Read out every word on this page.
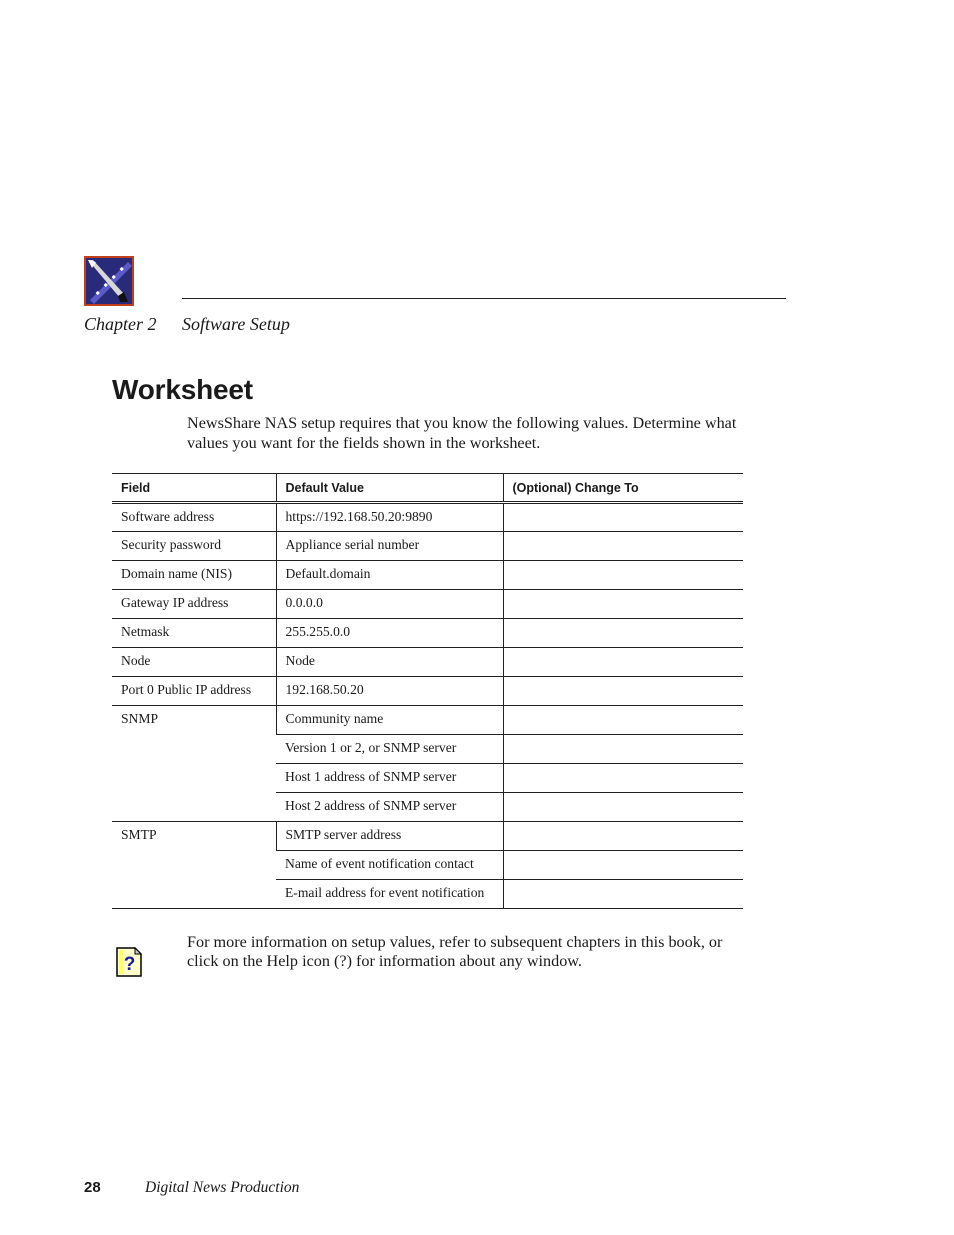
Chapter 2 Software Setup
Worksheet

NewsShare NAS setup requires that you know the following values. Determine what values you want for the fields shown in the worksheet.

Field	Default Value	(Optional) Change To
Software address	https://192.168.50.20:9890	
Security password	Appliance serial number	
Domain name (NIS)	Default.domain	
Gateway IP address	0.0.0.0	
Netmask	255.255.0.0	
Node	Node	
Port 0 Public IP address	192.168.50.20	
SNMP	Community name	
	Version 1 or 2, or SNMP server	
	Host 1 address of SNMP server	
	Host 2 address of SNMP server	
SMTP	SMTP server address	
	Name of event notification contact	
	E-mail address for event notification	
?

For more information on setup values, refer to subsequent chapters in this book, or click on the Help icon (?) for information about any window.

28	Digital News Production
